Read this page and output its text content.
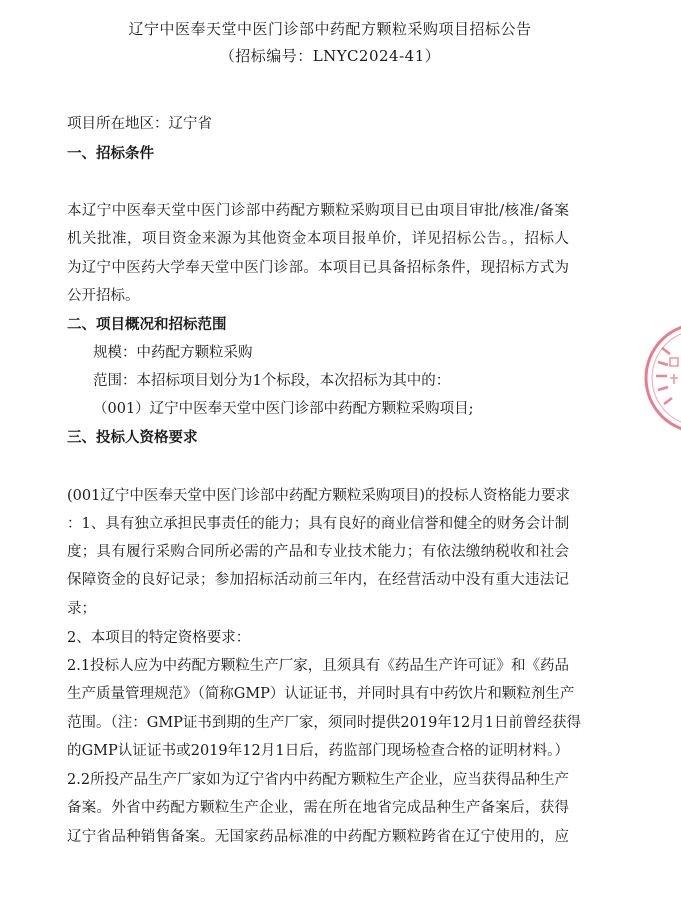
辽宁中医奉天堂中医门诊部中药配方颗粒采购项目招标公告
（招标编号：LNYC2024-41）
项目所在地区：辽宁省
一、招标条件
本辽宁中医奉天堂中医门诊部中药配方颗粒采购项目已由项目审批/核准/备案
机关批准，项目资金来源为其他资金本项目报单价，详见招标公告。，招标人
为辽宁中医药大学奉天堂中医门诊部。本项目已具备招标条件，现招标方式为
公开招标。
二、项目概况和招标范围
规模：中药配方颗粒采购
范围：本招标项目划分为1个标段，本次招标为其中的：
（001）辽宁中医奉天堂中医门诊部中药配方颗粒采购项目;
三、投标人资格要求
(001辽宁中医奉天堂中医门诊部中药配方颗粒采购项目)的投标人资格能力要求
：1、具有独立承担民事责任的能力；具有良好的商业信誉和健全的财务会计制
度；具有履行采购合同所必需的产品和专业技术能力；有依法缴纳税收和社会
保障资金的良好记录；参加招标活动前三年内，在经营活动中没有重大违法记
录；
2、本项目的特定资格要求：
2.1投标人应为中药配方颗粒生产厂家，且须具有《药品生产许可证》和《药品
生产质量管理规范》（简称GMP）认证证书，并同时具有中药饮片和颗粒剂生产
范围。（注：GMP证书到期的生产厂家，须同时提供2019年12月1日前曾经获得
的GMP认证证书或2019年12月1日后，药监部门现场检查合格的证明材料。）
2.2所投产品生产厂家如为辽宁省内中药配方颗粒生产企业，应当获得品种生产
备案。外省中药配方颗粒生产企业，需在所在地省完成品种生产备案后，获得
辽宁省品种销售备案。无国家药品标准的中药配方颗粒跨省在辽宁使用的，应
